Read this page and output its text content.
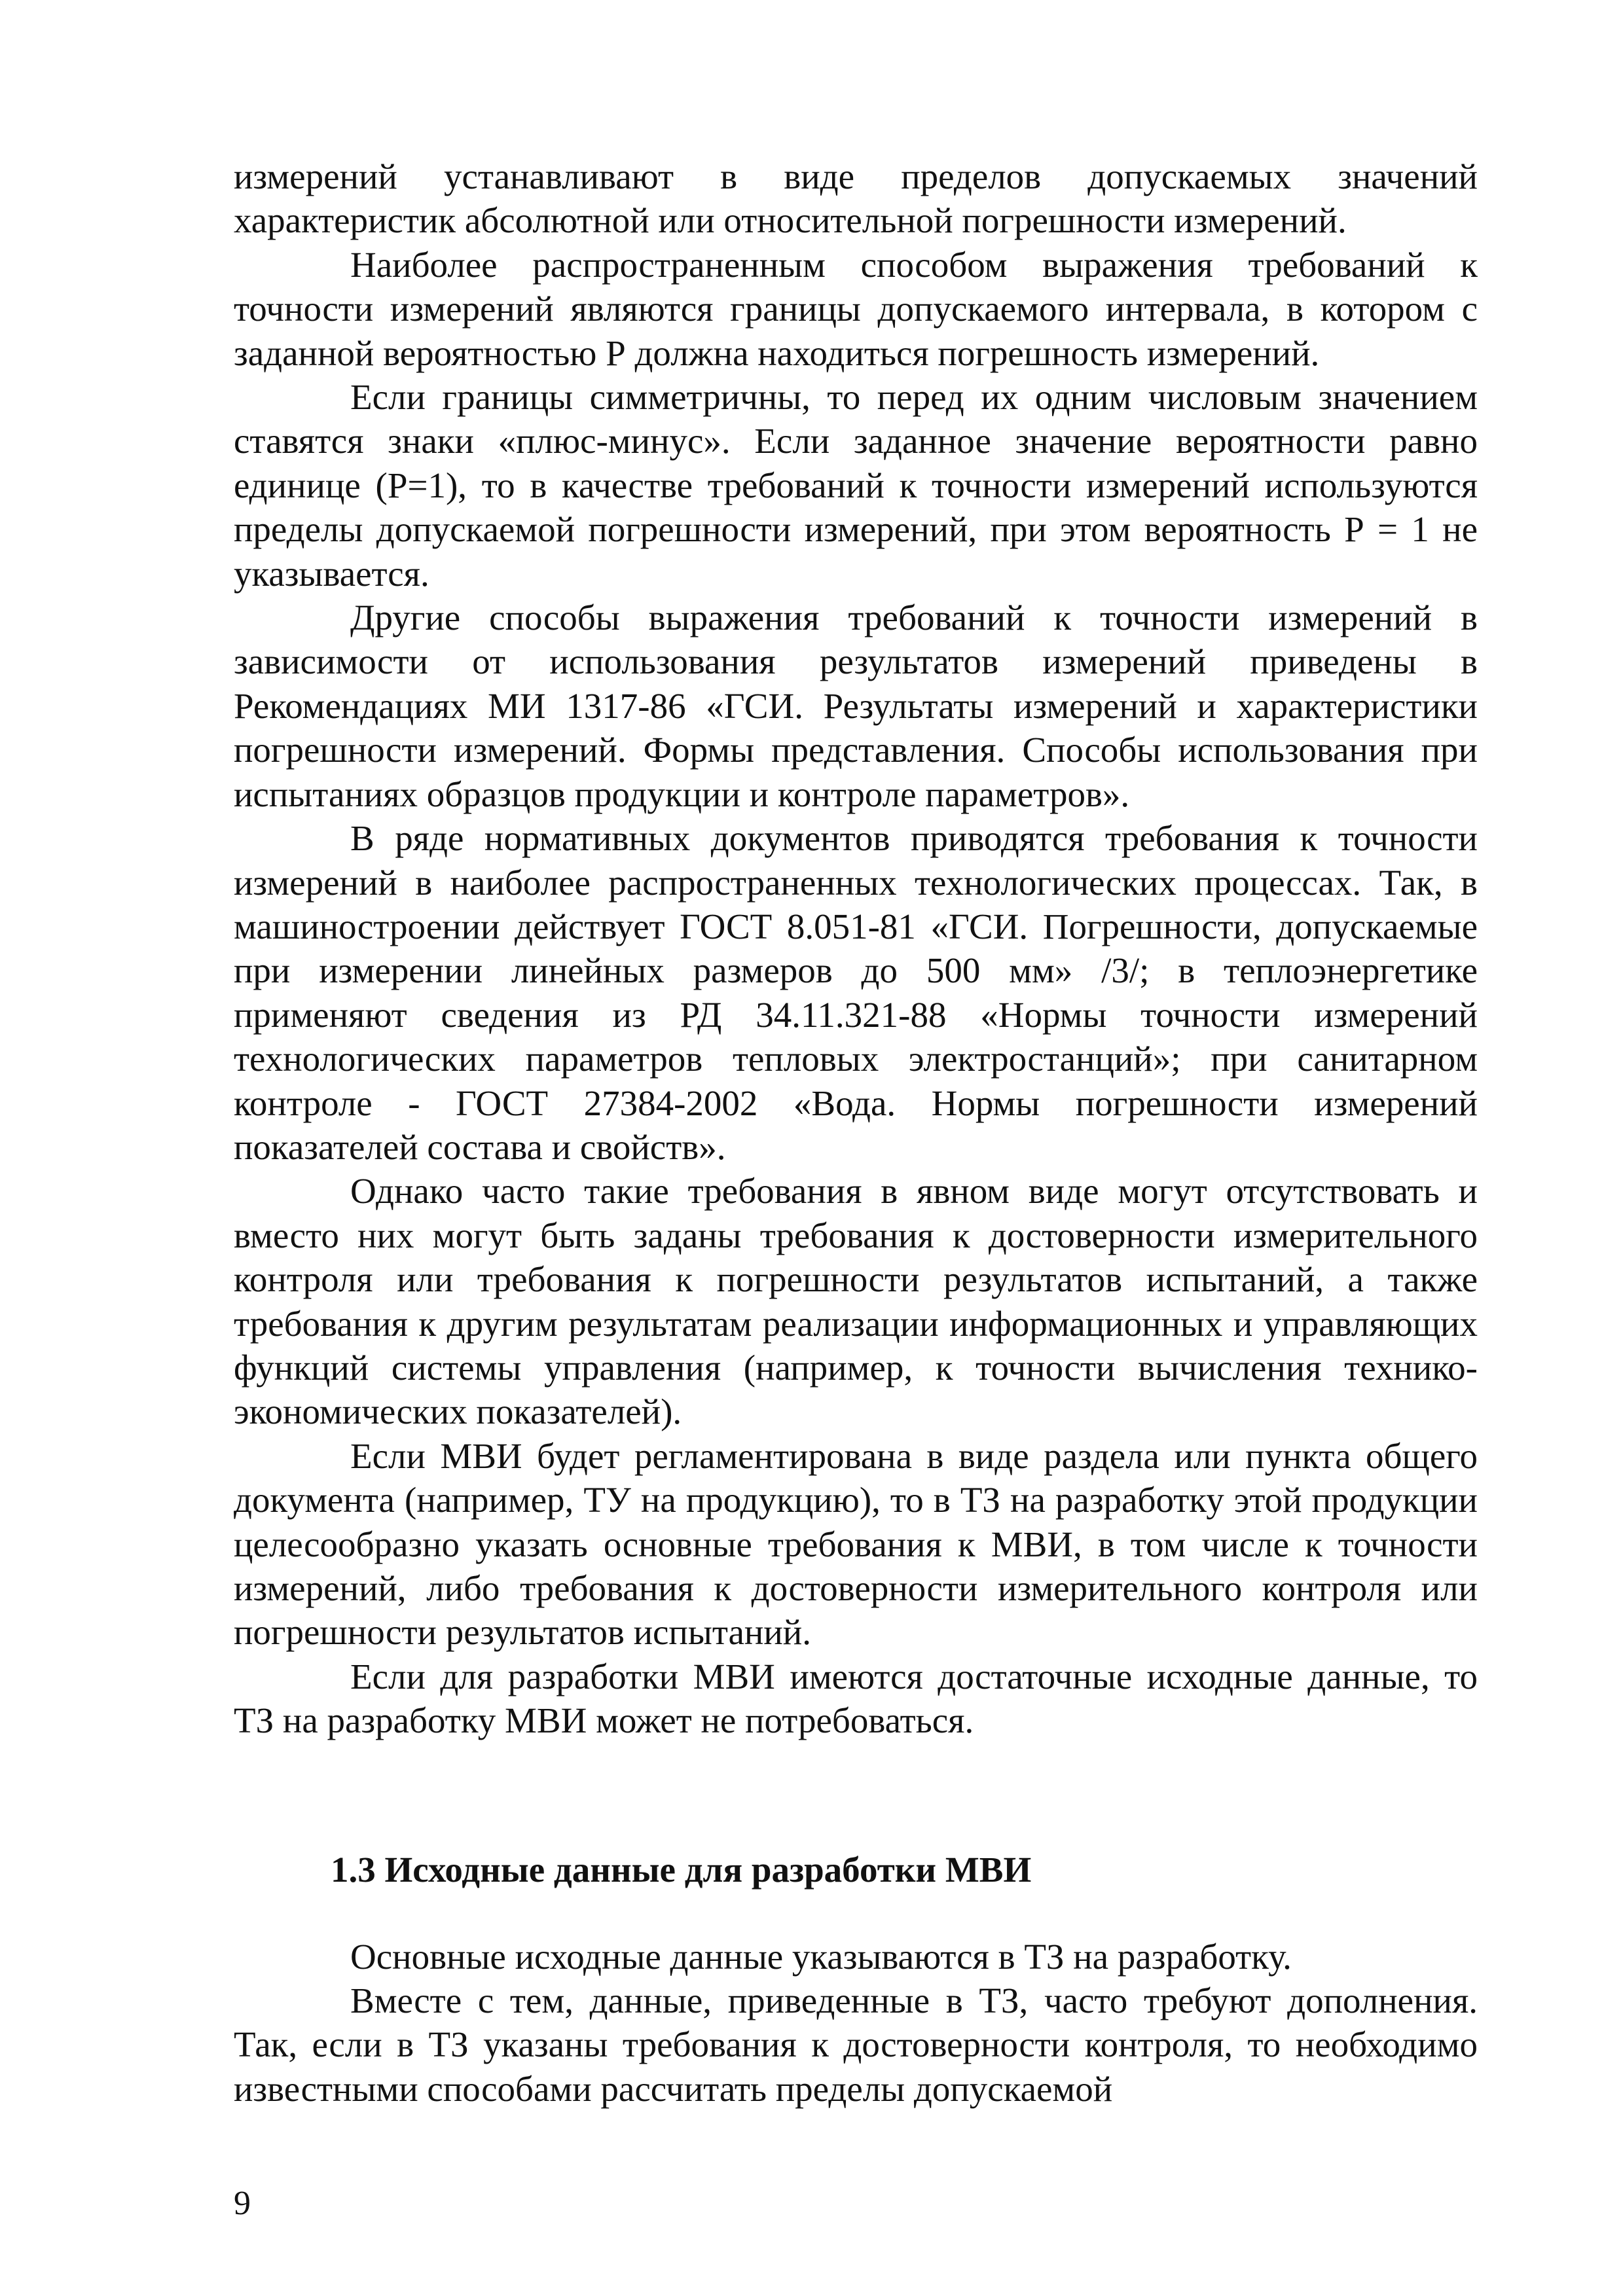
измерений устанавливают в виде пределов допускаемых значений характеристик абсолютной или относительной погрешности измерений.

Наиболее распространенным способом выражения требований к точности измерений являются границы допускаемого интервала, в котором с заданной вероятностью Р должна находиться погрешность измерений.

Если границы симметричны, то перед их одним числовым значением ставятся знаки «плюс-минус». Если заданное значение вероятности равно единице (Р=1), то в качестве требований к точности измерений используются пределы допускаемой погрешности измерений, при этом вероятность Р = 1 не указывается.

Другие способы выражения требований к точности измерений в зависимости от использования результатов измерений приведены в Рекомендациях МИ 1317-86 «ГСИ. Результаты измерений и характеристики погрешности измерений. Формы представления. Способы использования при испытаниях образцов продукции и контроле параметров».

В ряде нормативных документов приводятся требования к точности измерений в наиболее распространенных технологических процессах. Так, в машиностроении действует ГОСТ 8.051-81 «ГСИ. Погрешности, допускаемые при измерении линейных размеров до 500 мм» /3/; в теплоэнергетике применяют сведения из РД 34.11.321-88 «Нормы точности измерений технологических параметров тепловых электростанций»; при санитарном контроле - ГОСТ 27384-2002 «Вода. Нормы погрешности измерений показателей состава и свойств».

Однако часто такие требования в явном виде могут отсутствовать и вместо них могут быть заданы требования к достоверности измерительного контроля или требования к погрешности результатов испытаний, а также требования к другим результатам реализации информационных и управляющих функций системы управления (например, к точности вычисления технико-экономических показателей).

Если МВИ будет регламентирована в виде раздела или пункта общего документа (например, ТУ на продукцию), то в ТЗ на разработку этой продукции целесообразно указать основные требования к МВИ, в том числе к точности измерений, либо требования к достоверности измерительного контроля или погрешности результатов испытаний.

Если для разработки МВИ имеются достаточные исходные данные, то ТЗ на разработку МВИ может не потребоваться.

1.3 Исходные данные для разработки МВИ

Основные исходные данные указываются в ТЗ на разработку.

Вместе с тем, данные, приведенные в ТЗ, часто требуют дополнения. Так, если в ТЗ указаны требования к достоверности контроля, то необходимо известными способами рассчитать пределы допускаемой

9
